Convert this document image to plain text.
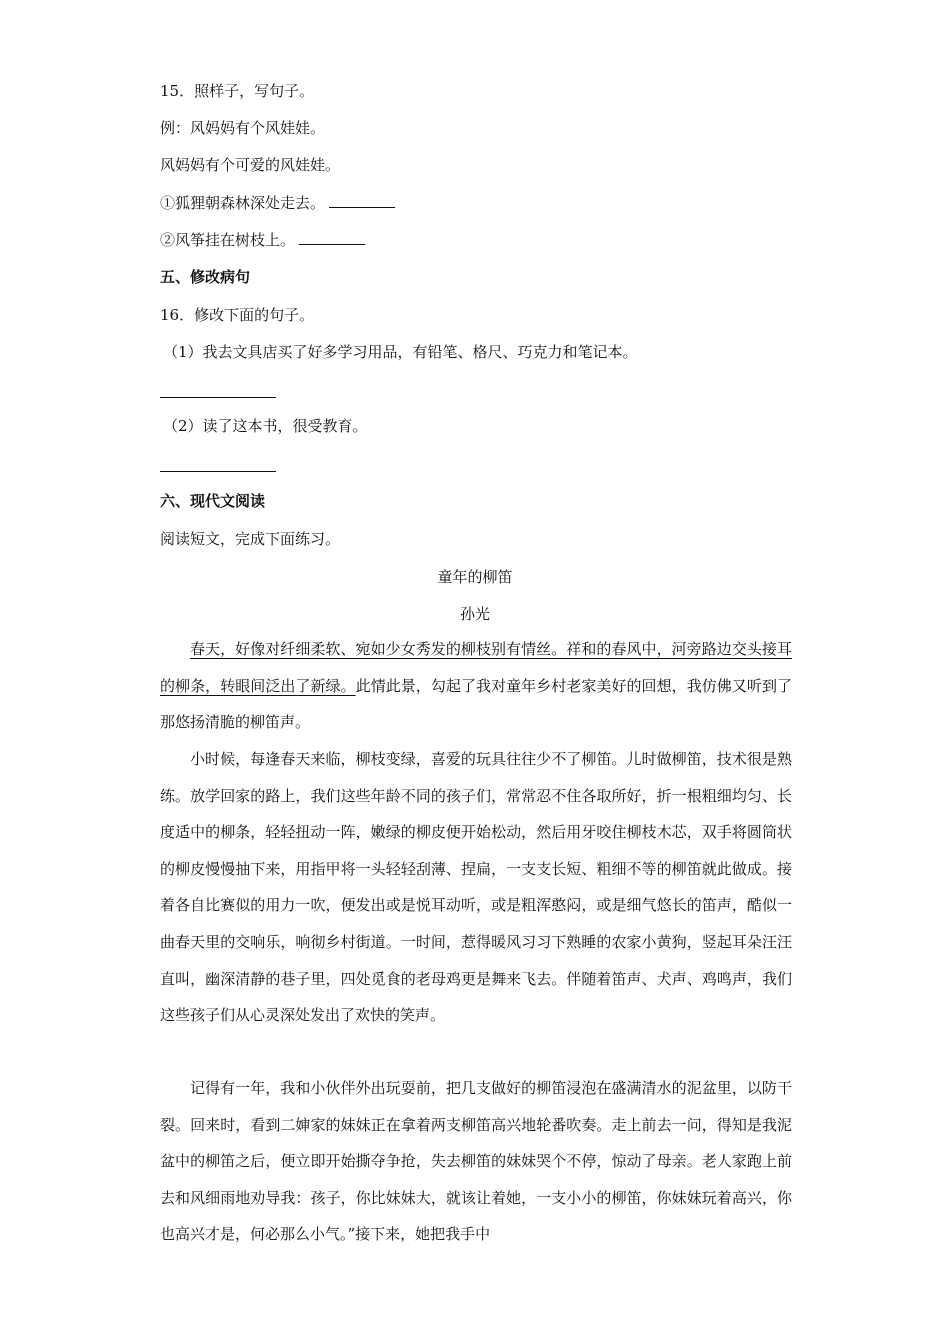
15．照样子，写句子。
例：风妈妈有个风娃娃。
风妈妈有个可爱的风娃娃。
①狐狸朝森林深处走去。
②风筝挂在树枝上。
五、修改病句
16．修改下面的句子。
（1）我去文具店买了好多学习用品，有铅笔、格尺、巧克力和笔记本。
（2）读了这本书，很受教育。
六、现代文阅读
阅读短文，完成下面练习。
童年的柳笛
孙光
春天，好像对纤细柔软、宛如少女秀发的柳枝别有情丝。祥和的春风中，河旁路边交头接耳的柳条，转眼间泛出了新绿。此情此景，勾起了我对童年乡村老家美好的回想，我仿佛又听到了那悠扬清脆的柳笛声。
小时候，每逢春天来临，柳枝变绿，喜爱的玩具往往少不了柳笛。儿时做柳笛，技术很是熟练。放学回家的路上，我们这些年龄不同的孩子们，常常忍不住各取所好，折一根粗细均匀、长度适中的柳条，轻轻扭动一阵，嫩绿的柳皮便开始松动，然后用牙咬住柳枝木芯，双手将圆筒状的柳皮慢慢抽下来，用指甲将一头轻轻刮薄、捏扁，一支支长短、粗细不等的柳笛就此做成。接着各自比赛似的用力一吹，便发出或是悦耳动听，或是粗浑憨闷，或是细气悠长的笛声，酷似一曲春天里的交响乐，响彻乡村街道。一时间，惹得暖风习习下熟睡的农家小黄狗，竖起耳朵汪汪直叫，幽深清静的巷子里，四处觅食的老母鸡更是舞来飞去。伴随着笛声、犬声、鸡鸣声，我们这些孩子们从心灵深处发出了欢快的笑声。
记得有一年，我和小伙伴外出玩耍前，把几支做好的柳笛浸泡在盛满清水的泥盆里，以防干裂。回来时，看到二婶家的妹妹正在拿着两支柳笛高兴地轮番吹奏。走上前去一问，得知是我泥盆中的柳笛之后，便立即开始撕夺争抢，失去柳笛的妹妹哭个不停，惊动了母亲。老人家跑上前去和风细雨地劝导我：孩子，你比妹妹大，就该让着她，一支小小的柳笛，你妹妹玩着高兴，你也高兴才是，何必那么小气。”接下来，她把我手中
